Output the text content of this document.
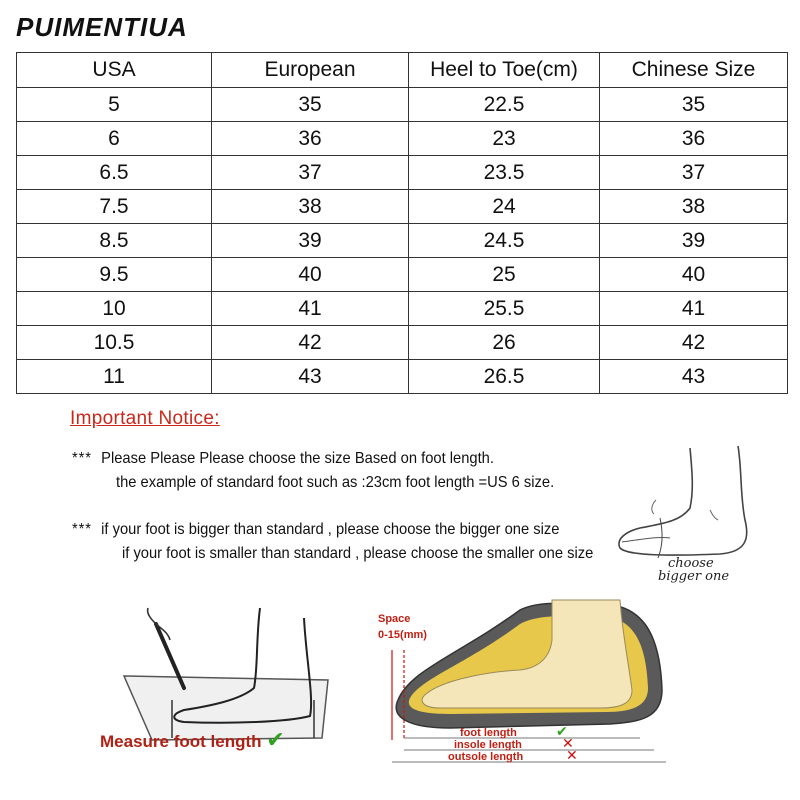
PUIMENTIUA
USA	European	Heel to Toe(cm)	Chinese Size
5	35	22.5	35
6	36	23	36
6.5	37	23.5	37
7.5	38	24	38
8.5	39	24.5	39
9.5	40	25	40
10	41	25.5	41
10.5	42	26	42
11	43	26.5	43
Important Notice:
*** Please Please Please choose the size Based on foot length.
the example of standard foot such as :23cm foot length =US 6 size.
*** if your foot is bigger than standard , please choose the bigger one size
if your foot is smaller than standard , please choose the smaller one size
choose
bigger one
Measure foot length ✔
Space
0-15(mm)
foot length	✔
insole length	✕
outsole length	✕
